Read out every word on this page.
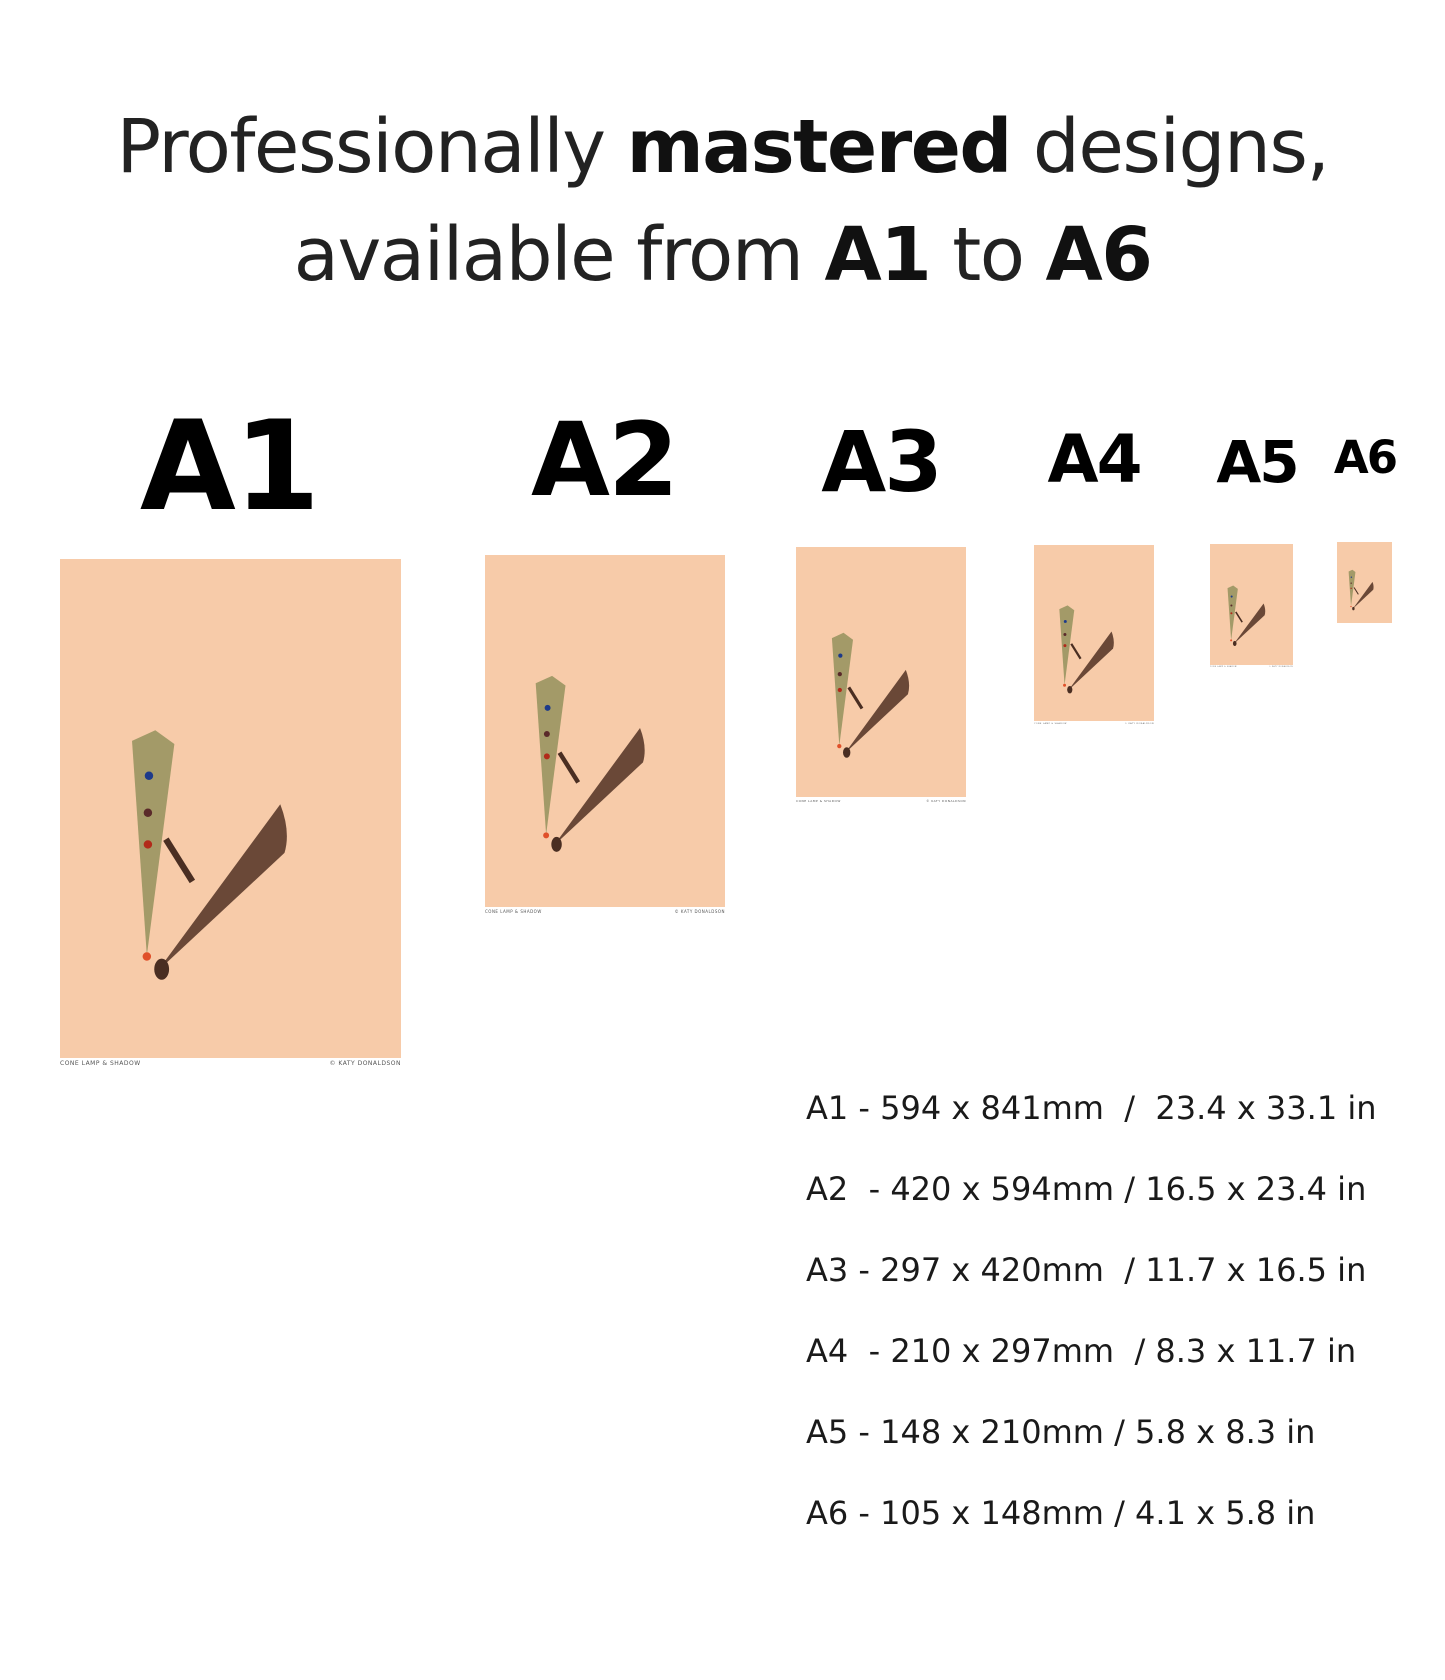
Professionally mastered designs,
available from A1 to A6
A1 A2 A3 A4 A5 A6
CONE LAMP & SHADOW	© KATY DONALDSON
CONE LAMP & SHADOW	© KATY DONALDSON
CONE LAMP & SHADOW	© KATY DONALDSON
CONE LAMP & SHADOW	© KATY DONALDSON
CONE LAMP & SHADOW	© KATY DONALDSON
A1 - 594 x 841mm  /  23.4 x 33.1 in
A2  - 420 x 594mm / 16.5 x 23.4 in
A3 - 297 x 420mm  / 11.7 x 16.5 in
A4  - 210 x 297mm  / 8.3 x 11.7 in
A5 - 148 x 210mm / 5.8 x 8.3 in
A6 - 105 x 148mm / 4.1 x 5.8 in
